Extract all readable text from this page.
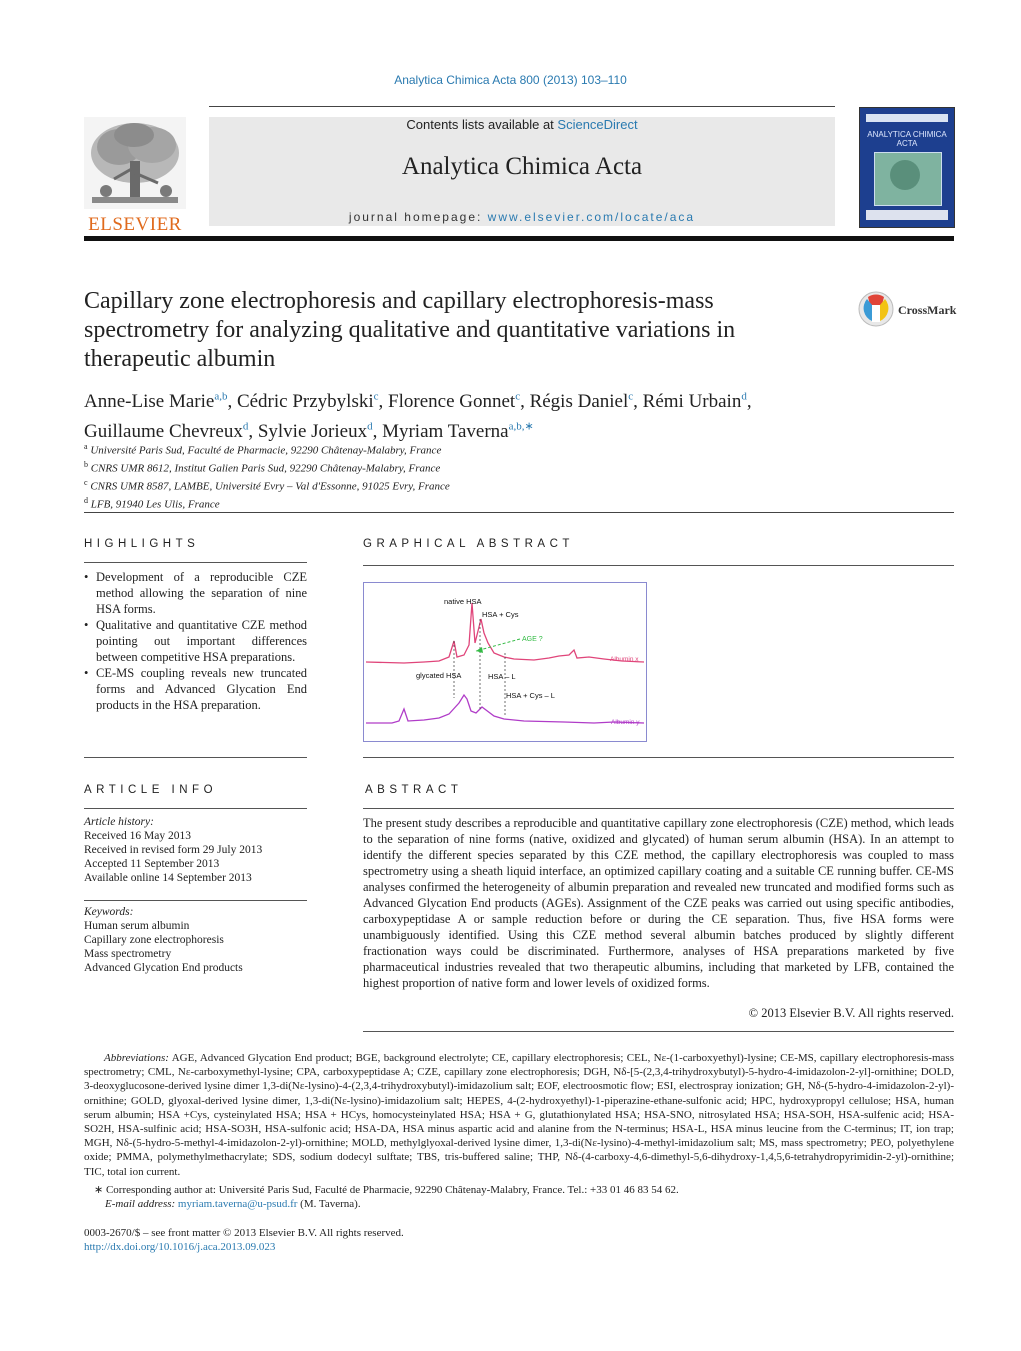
Analytica Chimica Acta 800 (2013) 103–110
ELSEVIER
Contents lists available at ScienceDirect
Analytica Chimica Acta
journal homepage: www.elsevier.com/locate/aca
ANALYTICA CHIMICA ACTA
Capillary zone electrophoresis and capillary electrophoresis-mass spectrometry for analyzing qualitative and quantitative variations in therapeutic albumin
CrossMark
Anne-Lise Marie$^{a,b}$, Cédric Przybylski$^c$, Florence Gonnet$^c$, Régis Daniel$^c$, Rémi Urbain$^d$,
Guillaume Chevreux$^d$, Sylvie Jorieux$^d$, Myriam Taverna$^{a,b,∗}$
$^a$ Université Paris Sud, Faculté de Pharmacie, 92290 Châtenay-Malabry, France
$^b$ CNRS UMR 8612, Institut Galien Paris Sud, 92290 Châtenay-Malabry, France
$^c$ CNRS UMR 8587, LAMBE, Université Evry – Val d'Essonne, 91025 Evry, France
$^d$ LFB, 91940 Les Ulis, France
HIGHLIGHTS
• Development of a reproducible CZE method allowing the separation of nine HSA forms.
• Qualitative and quantitative CZE method pointing out important differences between competitive HSA preparations.
• CE-MS coupling reveals new truncated forms and Advanced Glycation End products in the HSA preparation.
GRAPHICAL ABSTRACT
native HSA
HSA + Cys
AGE ?
Albumin x
glycated HSA	HSA – L
HSA + Cys – L
Albumin y
ARTICLE INFO
Article history:
Received 16 May 2013
Received in revised form 29 July 2013
Accepted 11 September 2013
Available online 14 September 2013
Keywords:
Human serum albumin
Capillary zone electrophoresis
Mass spectrometry
Advanced Glycation End products
ABSTRACT
The present study describes a reproducible and quantitative capillary zone electrophoresis (CZE) method, which leads to the separation of nine forms (native, oxidized and glycated) of human serum albumin (HSA). In an attempt to identify the different species separated by this CZE method, the capillary electrophoresis was coupled to mass spectrometry using a sheath liquid interface, an optimized capillary coating and a suitable CE running buffer. CE-MS analyses confirmed the heterogeneity of albumin preparation and revealed new truncated and modified forms such as Advanced Glycation End products (AGEs). Assignment of the CZE peaks was carried out using specific antibodies, carboxypeptidase A or sample reduction before or during the CE separation. Thus, five HSA forms were unambiguously identified. Using this CZE method several albumin batches produced by slightly different fractionation ways could be discriminated. Furthermore, analyses of HSA preparations marketed by five pharmaceutical industries revealed that two therapeutic albumins, including that marketed by LFB, contained the highest proportion of native form and lower levels of oxidized forms.
© 2013 Elsevier B.V. All rights reserved.
Abbreviations: AGE, Advanced Glycation End product; BGE, background electrolyte; CE, capillary electrophoresis; CEL, Nε-(1-carboxyethyl)-lysine; CE-MS, capillary electrophoresis-mass spectrometry; CML, Nε-carboxymethyl-lysine; CPA, carboxypeptidase A; CZE, capillary zone electrophoresis; DGH, Nδ-[5-(2,3,4-trihydroxybutyl)-5-hydro-4-imidazolon-2-yl]-ornithine; DOLD, 3-deoxyglucosone-derived lysine dimer 1,3-di(Nε-lysino)-4-(2,3,4-trihydroxybutyl)-imidazolium salt; EOF, electroosmotic flow; ESI, electrospray ionization; GH, Nδ-(5-hydro-4-imidazolon-2-yl)-ornithine; GOLD, glyoxal-derived lysine dimer, 1,3-di(Nε-lysino)-imidazolium salt; HEPES, 4-(2-hydroxyethyl)-1-piperazine-ethane-sulfonic acid; HPC, hydroxypropyl cellulose; HSA, human serum albumin; HSA +Cys, cysteinylated HSA; HSA + HCys, homocysteinylated HSA; HSA + G, glutathionylated HSA; HSA-SNO, nitrosylated HSA; HSA-SOH, HSA-sulfenic acid; HSA-SO2H, HSA-sulfinic acid; HSA-SO3H, HSA-sulfonic acid; HSA-DA, HSA minus aspartic acid and alanine from the N-terminus; HSA-L, HSA minus leucine from the C-terminus; IT, ion trap; MGH, Nδ-(5-hydro-5-methyl-4-imidazolon-2-yl)-ornithine; MOLD, methylglyoxal-derived lysine dimer, 1,3-di(Nε-lysino)-4-methyl-imidazolium salt; MS, mass spectrometry; PEO, polyethylene oxide; PMMA, polymethylmethacrylate; SDS, sodium dodecyl sulftate; TBS, tris-buffered saline; THP, Nδ-(4-carboxy-4,6-dimethyl-5,6-dihydroxy-1,4,5,6-tetrahydropyrimidin-2-yl)-ornithine; TIC, total ion current.
∗ Corresponding author at: Université Paris Sud, Faculté de Pharmacie, 92290 Châtenay-Malabry, France. Tel.: +33 01 46 83 54 62.
E-mail address: myriam.taverna@u-psud.fr (M. Taverna).
0003-2670/$ – see front matter © 2013 Elsevier B.V. All rights reserved.
http://dx.doi.org/10.1016/j.aca.2013.09.023
